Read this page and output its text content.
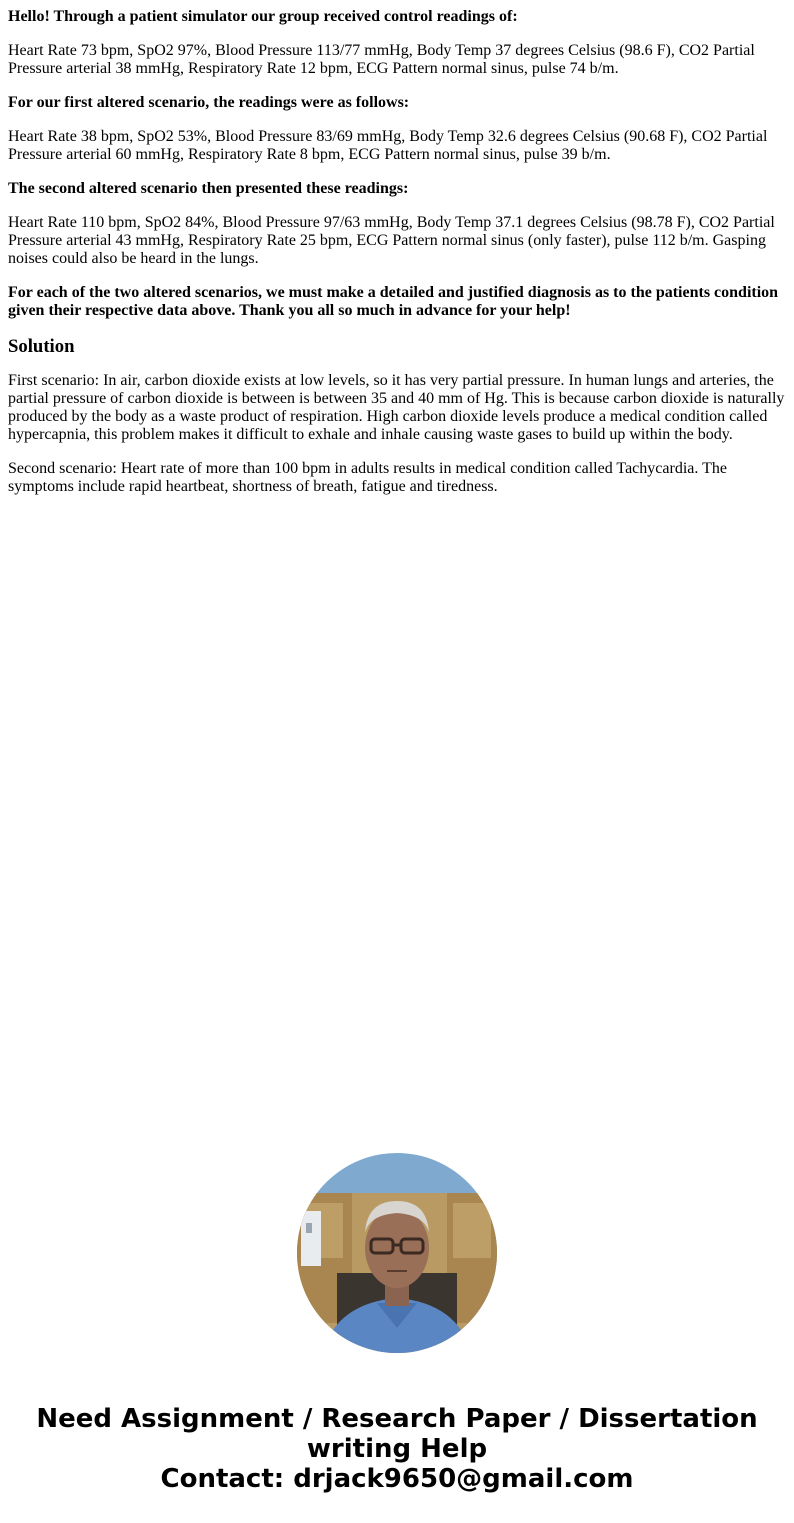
Hello! Through a patient simulator our group received control readings of:

Heart Rate 73 bpm, SpO2 97%, Blood Pressure 113/77 mmHg, Body Temp 37 degrees Celsius (98.6 F), CO2 Partial Pressure arterial 38 mmHg, Respiratory Rate 12 bpm, ECG Pattern normal sinus, pulse 74 b/m.

For our first altered scenario, the readings were as follows:

Heart Rate 38 bpm, SpO2 53%, Blood Pressure 83/69 mmHg, Body Temp 32.6 degrees Celsius (90.68 F), CO2 Partial Pressure arterial 60 mmHg, Respiratory Rate 8 bpm, ECG Pattern normal sinus, pulse 39 b/m.

The second altered scenario then presented these readings:

Heart Rate 110 bpm, SpO2 84%, Blood Pressure 97/63 mmHg, Body Temp 37.1 degrees Celsius (98.78 F), CO2 Partial Pressure arterial 43 mmHg, Respiratory Rate 25 bpm, ECG Pattern normal sinus (only faster), pulse 112 b/m. Gasping noises could also be heard in the lungs.

For each of the two altered scenarios, we must make a detailed and justified diagnosis as to the patients condition given their respective data above. Thank you all so much in advance for your help!

Solution

First scenario: In air, carbon dioxide exists at low levels, so it has very partial pressure. In human lungs and arteries, the partial pressure of carbon dioxide is between is between 35 and 40 mm of Hg. This is because carbon dioxide is naturally produced by the body as a waste product of respiration. High carbon dioxide levels produce a medical condition called hypercapnia, this problem makes it difficult to exhale and inhale causing waste gases to build up within the body.

Second scenario: Heart rate of more than 100 bpm in adults results in medical condition called Tachycardia. The symptoms include rapid heartbeat, shortness of breath, fatigue and tiredness.

Need Assignment / Research Paper / Dissertation
writing Help
Contact: drjack9650@gmail.com
